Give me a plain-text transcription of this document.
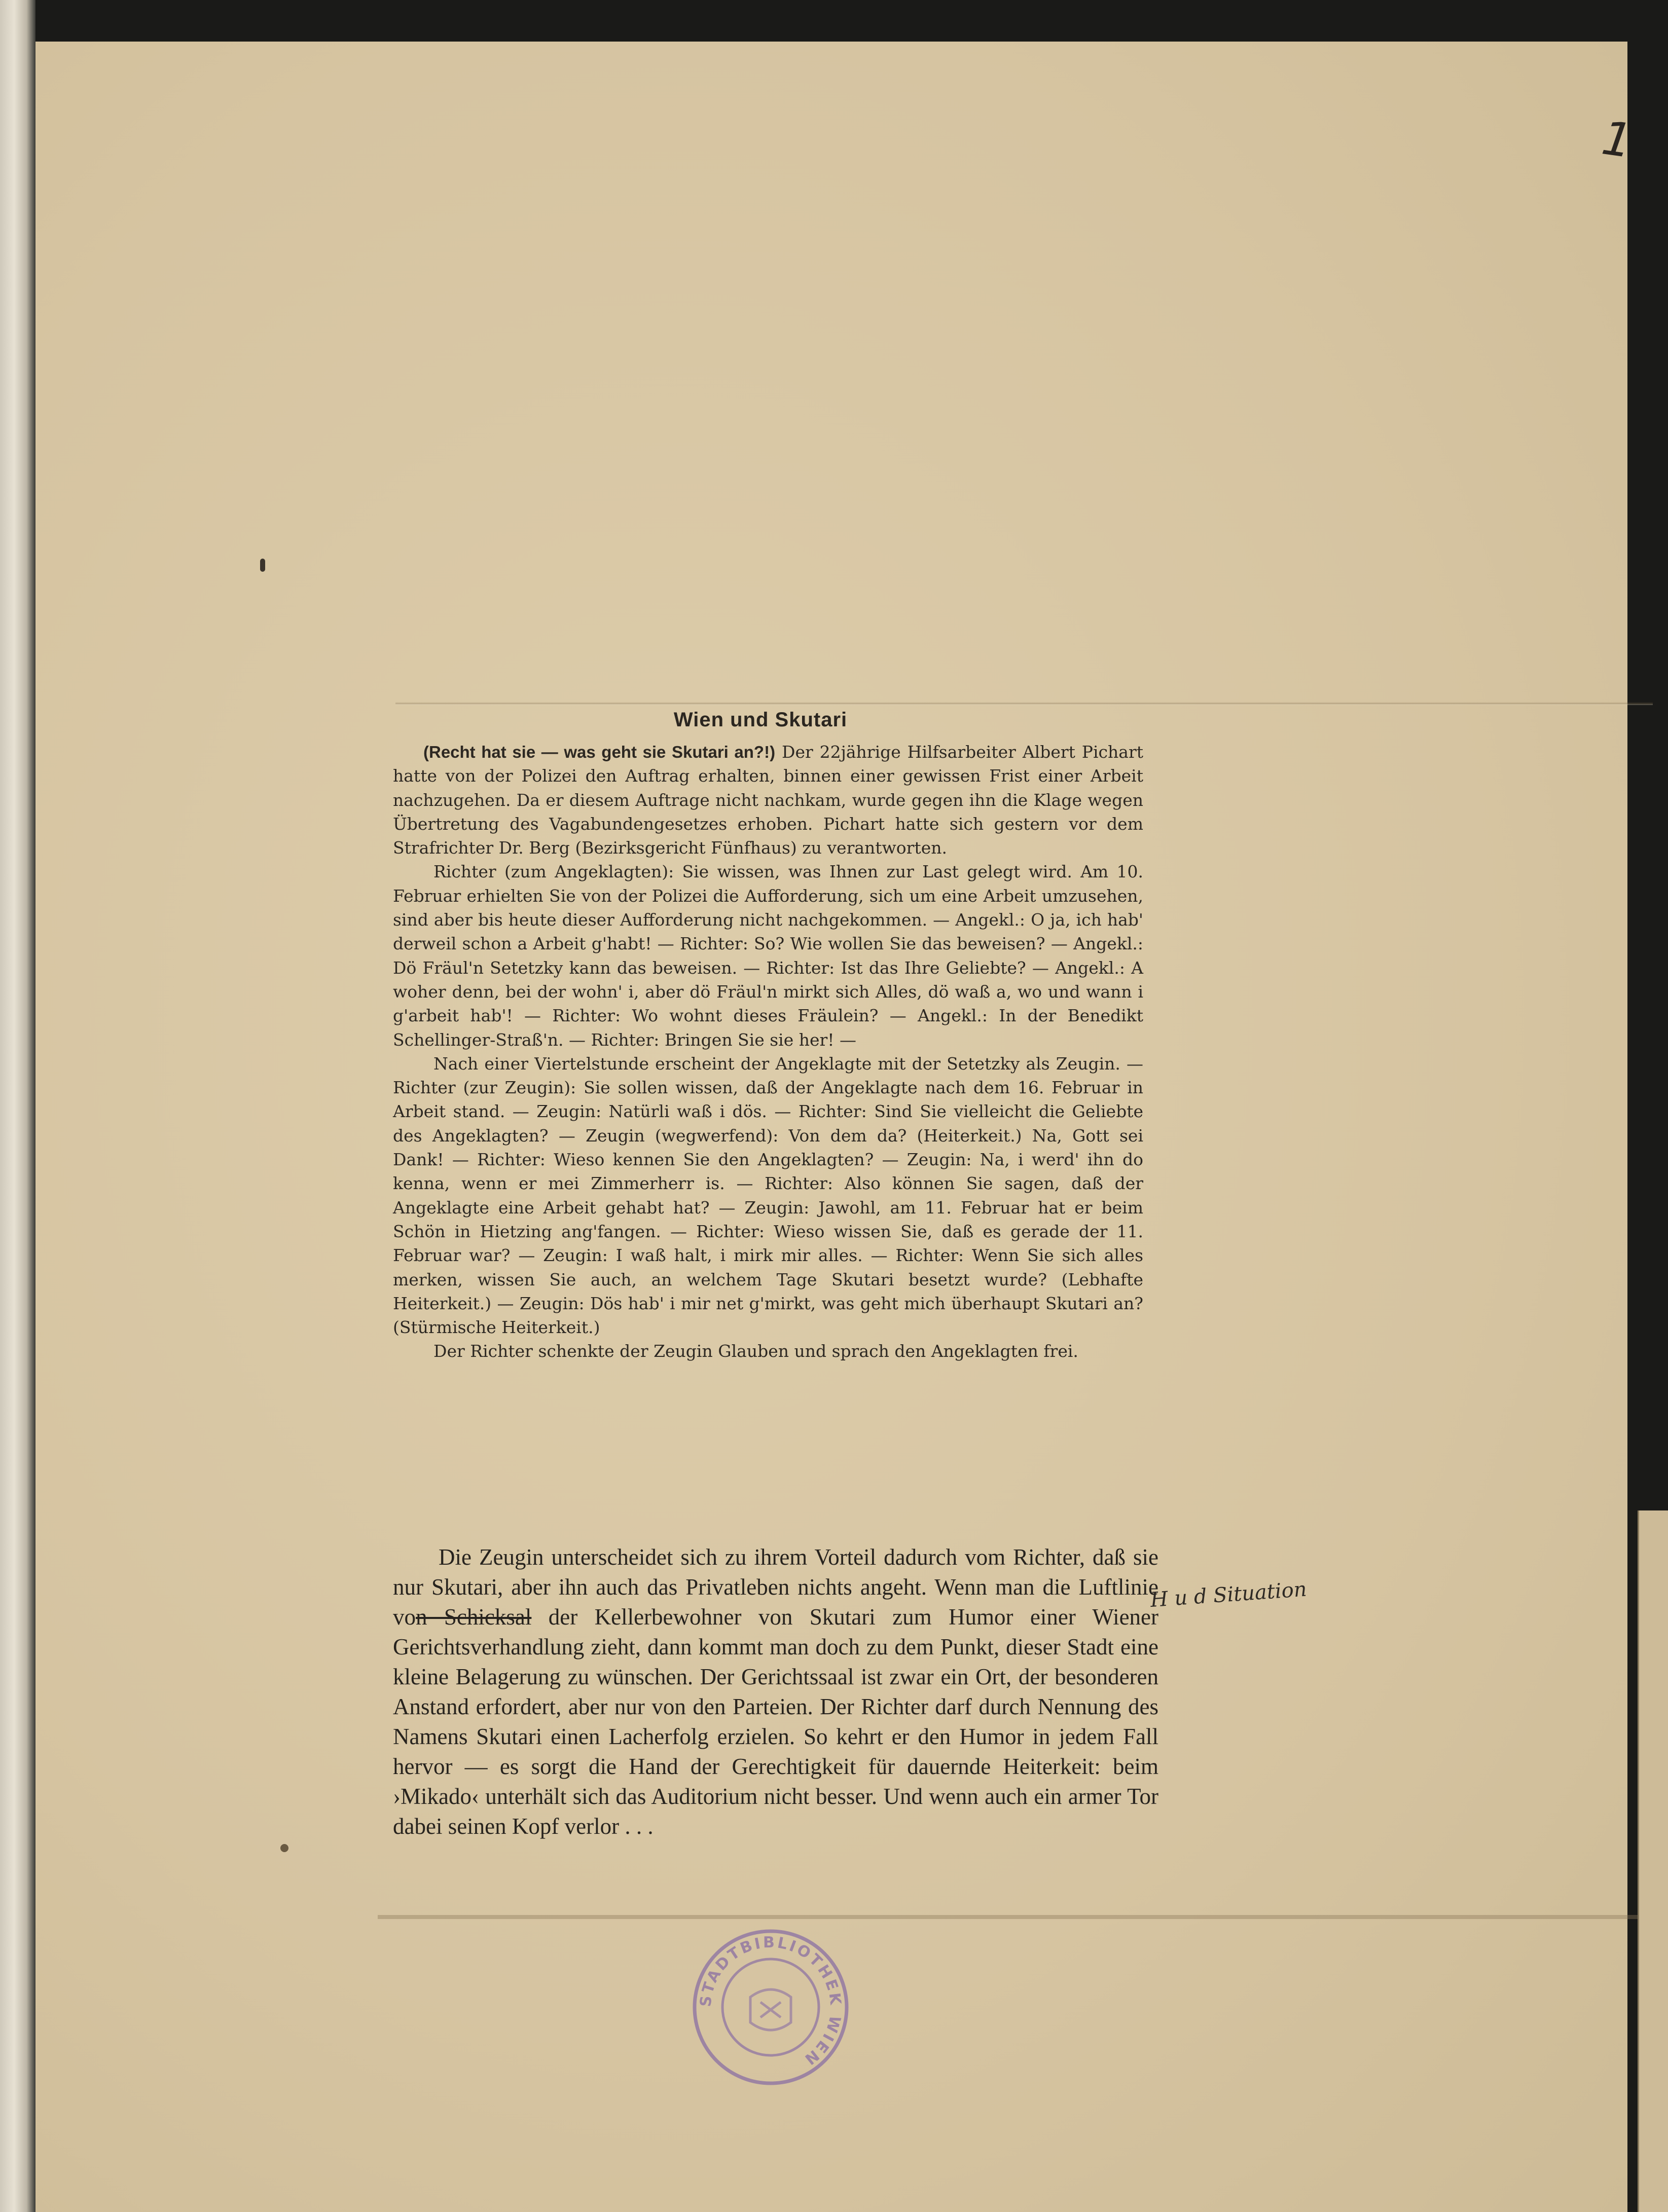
1
Wien und Skutari

(Recht hat sie — was geht sie Skutari an?!) Der 22jährige Hilfsarbeiter Albert Pichart hatte von der Polizei den Auftrag erhalten, binnen einer gewissen Frist einer Arbeit nachzugehen. Da er diesem Auftrage nicht nachkam, wurde gegen ihn die Klage wegen Übertretung des Vagabundengesetzes erhoben. Pichart hatte sich gestern vor dem Strafrichter Dr. Berg (Bezirksgericht Fünfhaus) zu verantworten.

Richter (zum Angeklagten): Sie wissen, was Ihnen zur Last gelegt wird. Am 10. Februar erhielten Sie von der Polizei die Aufforderung, sich um eine Arbeit umzusehen, sind aber bis heute dieser Aufforderung nicht nachgekommen. — Angekl.: O ja, ich hab' derweil schon a Arbeit g'habt! — Richter: So? Wie wollen Sie das beweisen? — Angekl.: Dö Fräul'n Setetzky kann das beweisen. — Richter: Ist das Ihre Geliebte? — Angekl.: A woher denn, bei der wohn' i, aber dö Fräul'n mirkt sich Alles, dö waß a, wo und wann i g'arbeit hab'! — Richter: Wo wohnt dieses Fräulein? — Angekl.: In der Benedikt Schellinger-Straß'n. — Richter: Bringen Sie sie her! —

Nach einer Viertelstunde erscheint der Angeklagte mit der Setetzky als Zeugin. — Richter (zur Zeugin): Sie sollen wissen, daß der Angeklagte nach dem 16. Februar in Arbeit stand. — Zeugin: Natürli waß i dös. — Richter: Sind Sie vielleicht die Geliebte des Angeklagten? — Zeugin (wegwerfend): Von dem da? (Heiterkeit.) Na, Gott sei Dank! — Richter: Wieso kennen Sie den Angeklagten? — Zeugin: Na, i werd' ihn do kenna, wenn er mei Zimmerherr is. — Richter: Also können Sie sagen, daß der Angeklagte eine Arbeit gehabt hat? — Zeugin: Jawohl, am 11. Februar hat er beim Schön in Hietzing ang'fangen. — Richter: Wieso wissen Sie, daß es gerade der 11. Februar war? — Zeugin: I waß halt, i mirk mir alles. — Richter: Wenn Sie sich alles merken, wissen Sie auch, an welchem Tage Skutari besetzt wurde? (Lebhafte Heiterkeit.) — Zeugin: Dös hab' i mir net g'mirkt, was geht mich überhaupt Skutari an? (Stürmische Heiterkeit.)

Der Richter schenkte der Zeugin Glauben und sprach den Angeklagten frei.

Die Zeugin unterscheidet sich zu ihrem Vorteil dadurch vom Richter, daß sie nur Skutari, aber ihn auch das Privatleben nichts angeht. Wenn man die Luftlinie von Schicksal der Kellerbewohner von Skutari zum Humor einer Wiener Gerichtsverhandlung zieht, dann kommt man doch zu dem Punkt, dieser Stadt eine kleine Belagerung zu wünschen. Der Gerichtssaal ist zwar ein Ort, der besonderen Anstand erfordert, aber nur von den Parteien. Der Richter darf durch Nennung des Namens Skutari einen Lacherfolg erzielen. So kehrt er den Humor in jedem Fall hervor — es sorgt die Hand der Gerechtigkeit für dauernde Heiterkeit: beim ›Mikado‹ unterhält sich das Auditorium nicht besser. Und wenn auch ein armer Tor dabei seinen Kopf verlor . . .

H u d Situation
STADTBIBLIOTHEK WIEN
